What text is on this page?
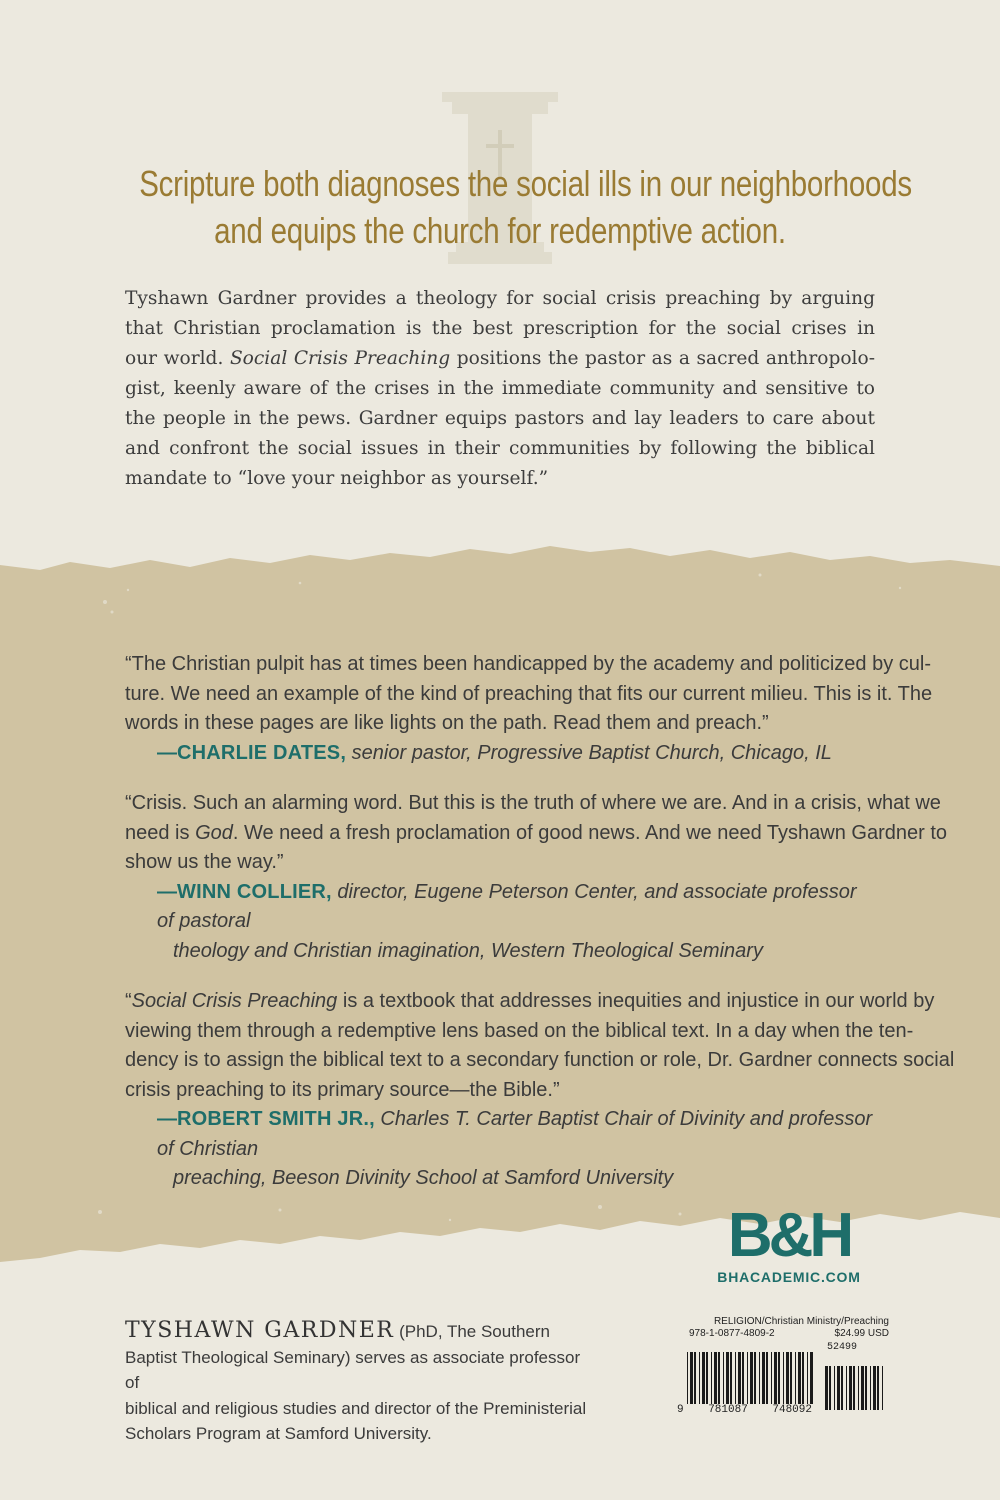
Scripture both diagnoses the social ills in our neighborhoods
and equips the church for redemptive action.
Tyshawn Gardner provides a theology for social crisis preaching by arguing
that Christian proclamation is the best prescription for the social crises in
our world. Social Crisis Preaching positions the pastor as a sacred anthropolo-
gist, keenly aware of the crises in the immediate community and sensitive to
the people in the pews. Gardner equips pastors and lay leaders to care about
and confront the social issues in their communities by following the biblical
mandate to “love your neighbor as yourself.”
“The Christian pulpit has at times been handicapped by the academy and politicized by cul-
ture. We need an example of the kind of preaching that fits our current milieu. This is it. The
words in these pages are like lights on the path. Read them and preach.”
—CHARLIE DATES, senior pastor, Progressive Baptist Church, Chicago, IL
“Crisis. Such an alarming word. But this is the truth of where we are. And in a crisis, what we
need is God. We need a fresh proclamation of good news. And we need Tyshawn Gardner to
show us the way.”
—WINN COLLIER, director, Eugene Peterson Center, and associate professor of pastoral
theology and Christian imagination, Western Theological Seminary
“Social Crisis Preaching is a textbook that addresses inequities and injustice in our world by
viewing them through a redemptive lens based on the biblical text. In a day when the ten-
dency is to assign the biblical text to a secondary function or role, Dr. Gardner connects social
crisis preaching to its primary source—the Bible.”
—ROBERT SMITH JR., Charles T. Carter Baptist Chair of Divinity and professor of Christian
preaching, Beeson Divinity School at Samford University
B&H
BHACADEMIC.COM
TYSHAWN GARDNER (PhD, The Southern
Baptist Theological Seminary) serves as associate professor of
biblical and religious studies and director of the Preministerial
Scholars Program at Samford University.
RELIGION/Christian Ministry/Preaching
978-1-0877-4809-2	$24.99 USD
52499
9 781087 748092
